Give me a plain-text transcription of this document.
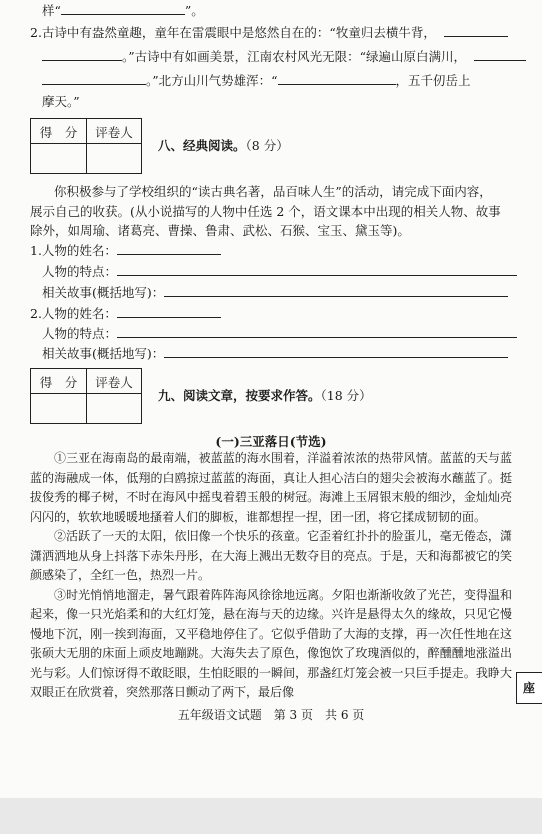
样“	”。
2.古诗中有盎然童趣，童年在雷震眼中是悠然自在的：“牧童归去横牛背，
。”古诗中有如画美景，江南农村风光无限：“绿遍山原白满川，
。”北方山川气势雄浑：“	，五千仞岳上
摩天。”
得　分	评卷人
八、经典阅读。（8 分）
你积极参与了学校组织的“读古典名著，品百味人生”的活动，请完成下面内容，
展示自己的收获。(从小说描写的人物中任选 2 个，语文课本中出现的相关人物、故事
除外，如周瑜、诸葛亮、曹操、鲁肃、武松、石猴、宝玉、黛玉等)。
1.人物的姓名：
人物的特点：
相关故事(概括地写)：
2.人物的姓名：
人物的特点：
相关故事(概括地写)：
得　分	评卷人
九、阅读文章，按要求作答。（18 分）
(一)三亚落日(节选)

①三亚在海南岛的最南端，被蓝蓝的海水围着，洋溢着浓浓的热带风情。蓝蓝的天与蓝蓝的海融成一体，低翔的白鸥掠过蓝蓝的海面，真让人担心洁白的翅尖会被海水蘸蓝了。挺拔俊秀的椰子树，不时在海风中摇曳着碧玉般的树冠。海滩上玉屑银末般的细沙，金灿灿亮闪闪的，软软地暖暖地搔着人们的脚板，谁都想捏一捏，团一团，将它揉成韧韧的面。

②活跃了一天的太阳，依旧像一个快乐的孩童。它歪着红扑扑的脸蛋儿，毫无倦态，潇潇洒洒地从身上抖落下赤朱丹彤，在大海上溅出无数夺目的亮点。于是，天和海都被它的笑颜感染了，全红一色，热烈一片。

③时光悄悄地溜走，暑气跟着阵阵海风徐徐地远离。夕阳也渐渐收敛了光芒，变得温和起来，像一只光焰柔和的大红灯笼，悬在海与天的边缘。兴许是悬得太久的缘故，只见它慢慢地下沉，刚一挨到海面，又平稳地停住了。它似乎借助了大海的支撑，再一次任性地在这张硕大无朋的床面上顽皮地蹦跳。大海失去了原色，像饱饮了玫瑰酒似的，醉醺醺地涨溢出光与彩。人们惊讶得不敢眨眼，生怕眨眼的一瞬间，那盏红灯笼会被一只巨手提走。我睁大双眼正在欣赏着，突然那落日颤动了两下，最后像

五年级语文试题　第 3 页　共 6 页
座
